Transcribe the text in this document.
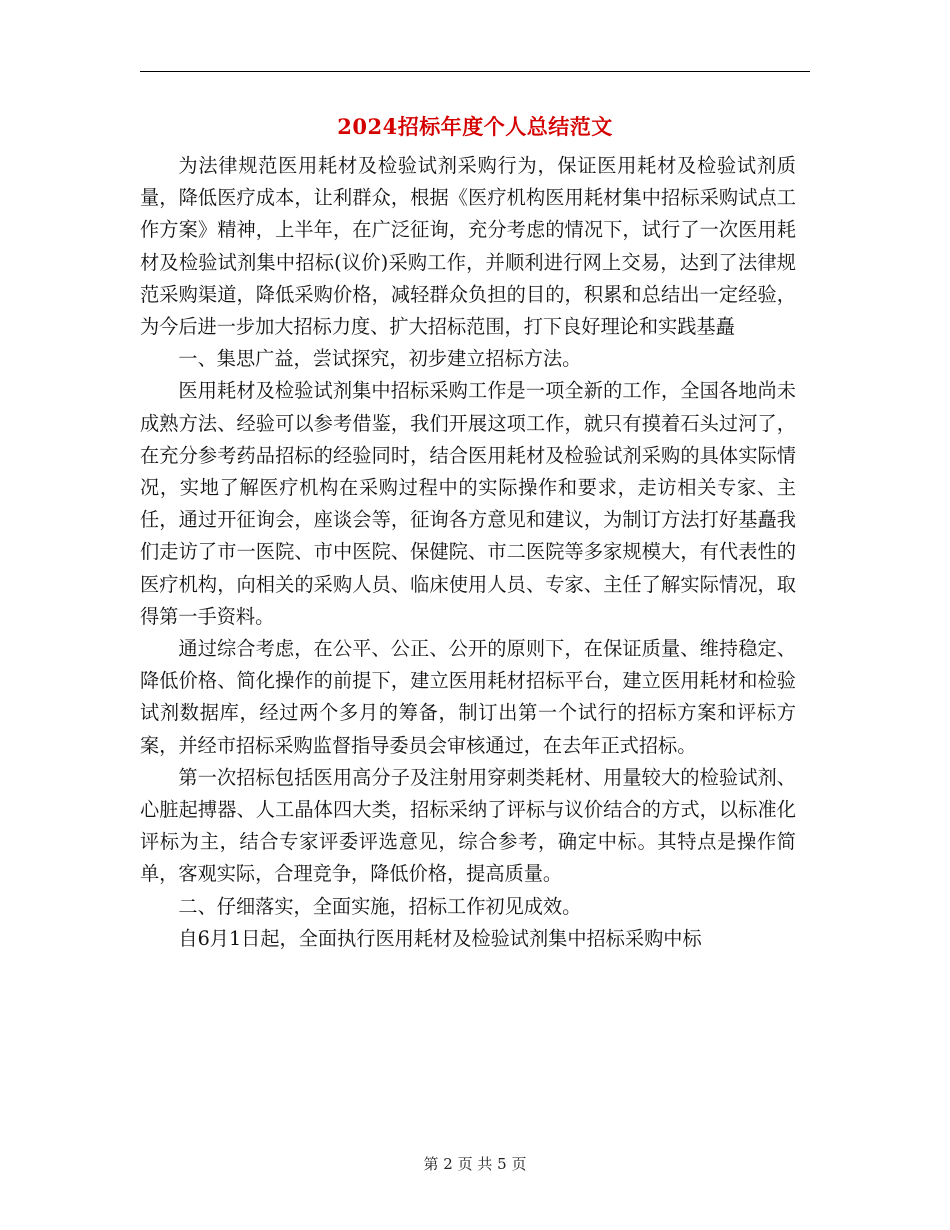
2024招标年度个人总结范文

为法律规范医用耗材及检验试剂采购行为，保证医用耗材及检验试剂质量，降低医疗成本，让利群众，根据《医疗机构医用耗材集中招标采购试点工作方案》精神，上半年，在广泛征询，充分考虑的情况下，试行了一次医用耗材及检验试剂集中招标(议价)采购工作，并顺利进行网上交易，达到了法律规范采购渠道，降低采购价格，减轻群众负担的目的，积累和总结出一定经验，为今后进一步加大招标力度、扩大招标范围，打下良好理论和实践基矗

一、集思广益，尝试探究，初步建立招标方法。

医用耗材及检验试剂集中招标采购工作是一项全新的工作，全国各地尚未成熟方法、经验可以参考借鉴，我们开展这项工作，就只有摸着石头过河了，在充分参考药品招标的经验同时，结合医用耗材及检验试剂采购的具体实际情况，实地了解医疗机构在采购过程中的实际操作和要求，走访相关专家、主任，通过开征询会，座谈会等，征询各方意见和建议，为制订方法打好基矗我们走访了市一医院、市中医院、保健院、市二医院等多家规模大，有代表性的医疗机构，向相关的采购人员、临床使用人员、专家、主任了解实际情况，取得第一手资料。

通过综合考虑，在公平、公正、公开的原则下，在保证质量、维持稳定、降低价格、简化操作的前提下，建立医用耗材招标平台，建立医用耗材和检验试剂数据库，经过两个多月的筹备，制订出第一个试行的招标方案和评标方案，并经市招标采购监督指导委员会审核通过，在去年正式招标。

第一次招标包括医用高分子及注射用穿刺类耗材、用量较大的检验试剂、心脏起搏器、人工晶体四大类，招标采纳了评标与议价结合的方式，以标准化评标为主，结合专家评委评选意见，综合参考，确定中标。其特点是操作简单，客观实际，合理竞争，降低价格，提高质量。

二、仔细落实，全面实施，招标工作初见成效。

自6月1日起，全面执行医用耗材及检验试剂集中招标采购中标

第 2 页 共 5 页
